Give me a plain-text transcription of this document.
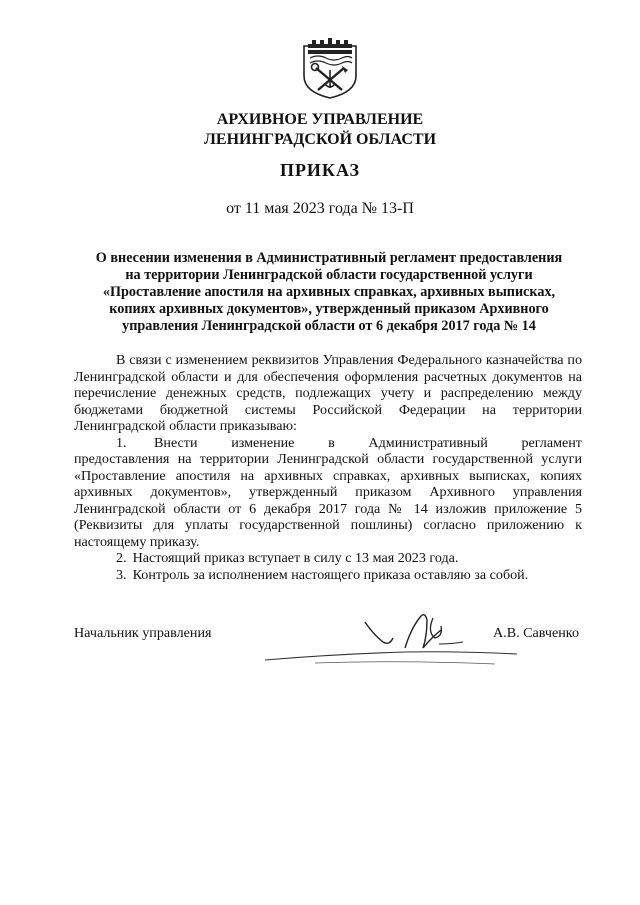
АРХИВНОЕ УПРАВЛЕНИЕ
ЛЕНИНГРАДСКОЙ ОБЛАСТИ
ПРИКАЗ
от 11 мая 2023 года № 13-П
О внесении изменения в Административный регламент предоставления
на территории Ленинградской области государственной услуги
«Проставление апостиля на архивных справках, архивных выписках,
копиях архивных документов», утвержденный приказом Архивного
управления Ленинградской области от 6 декабря 2017 года № 14

В связи с изменением реквизитов Управления Федерального казначейства по Ленинградской области и для обеспечения оформления расчетных документов на перечисление денежных средств, подлежащих учету и распределению между бюджетами бюджетной системы Российской Федерации на территории Ленинградской области приказываю:

1.	Внести изменение в Административный регламент

предоставления на территории Ленинградской области государственной услуги «Проставление апостиля на архивных справках, архивных выписках, копиях архивных документов», утвержденный приказом Архивного управления Ленинградской области от 6 декабря 2017 года № 14 изложив приложение 5 (Реквизиты для уплаты государственной пошлины) согласно приложению к настоящему приказу.

2. Настоящий приказ вступает в силу с 13 мая 2023 года.

3. Контроль за исполнением настоящего приказа оставляю за собой.

Начальник управления	А.В. Савченко
